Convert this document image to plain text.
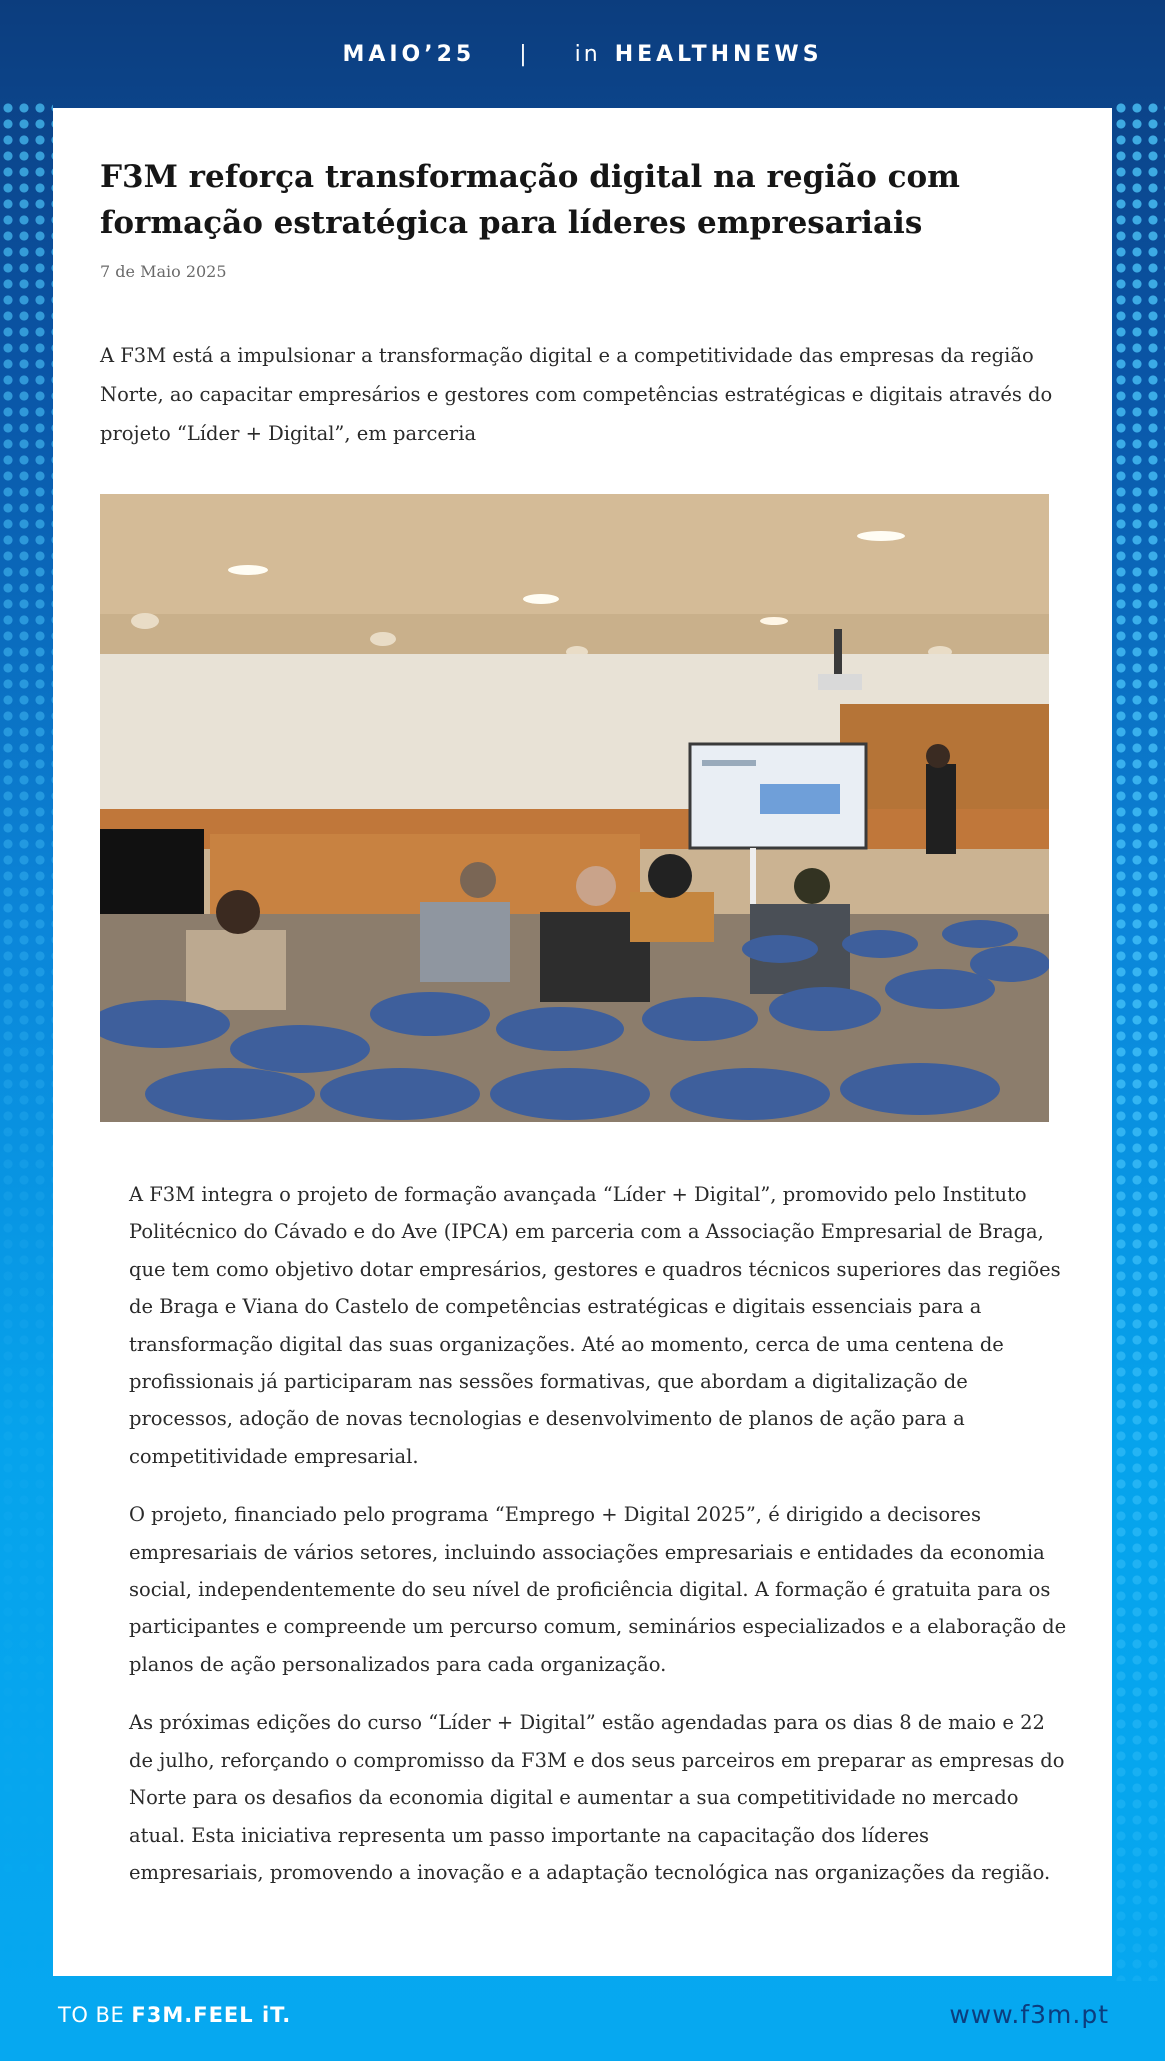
MAIO’25 | in HEALTHNEWS
F3M reforça transformação digital na região com formação estratégica para líderes empresariais
7 de Maio 2025

A F3M está a impulsionar a transformação digital e a competitividade das empresas da região Norte, ao capacitar empresários e gestores com competências estratégicas e digitais através do projeto “Líder + Digital”, em parceria

A F3M integra o projeto de formação avançada “Líder + Digital”, promovido pelo Instituto Politécnico do Cávado e do Ave (IPCA) em parceria com a Associação Empresarial de Braga, que tem como objetivo dotar empresários, gestores e quadros técnicos superiores das regiões de Braga e Viana do Castelo de competências estratégicas e digitais essenciais para a transformação digital das suas organizações. Até ao momento, cerca de uma centena de profissionais já participaram nas sessões formativas, que abordam a digitalização de processos, adoção de novas tecnologias e desenvolvimento de planos de ação para a competitividade empresarial.

O projeto, financiado pelo programa “Emprego + Digital 2025”, é dirigido a decisores empresariais de vários setores, incluindo associações empresariais e entidades da economia social, independentemente do seu nível de proficiência digital. A formação é gratuita para os participantes e compreende um percurso comum, seminários especializados e a elaboração de planos de ação personalizados para cada organização.

As próximas edições do curso “Líder + Digital” estão agendadas para os dias 8 de maio e 22 de julho, reforçando o compromisso da F3M e dos seus parceiros em preparar as empresas do Norte para os desafios da economia digital e aumentar a sua competitividade no mercado atual. Esta iniciativa representa um passo importante na capacitação dos líderes empresariais, promovendo a inovação e a adaptação tecnológica nas organizações da região.

TO BE F3M.FEEL iT.	www.f3m.pt
